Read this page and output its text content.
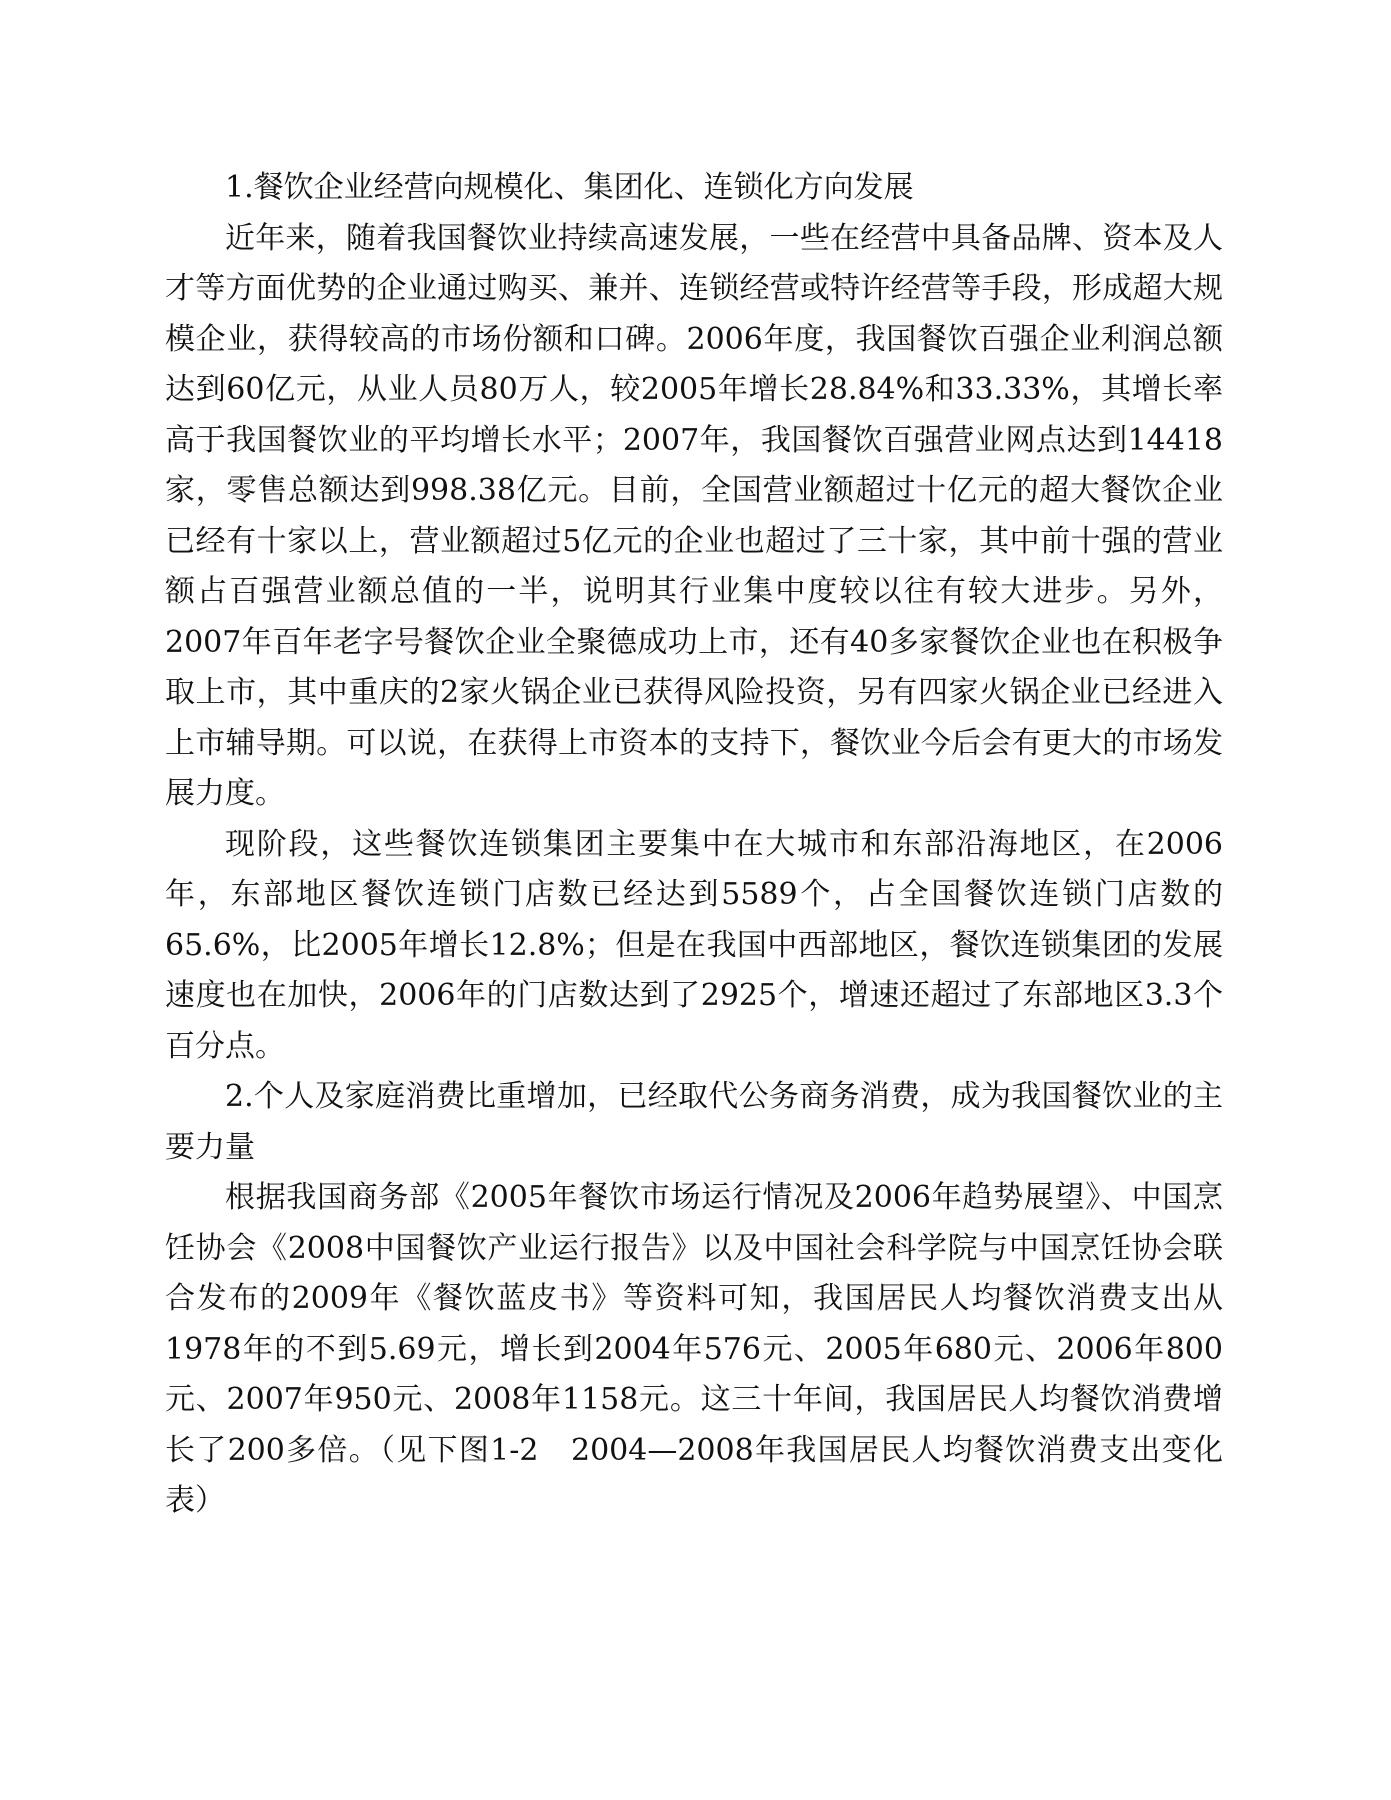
1.餐饮企业经营向规模化、集团化、连锁化方向发展

近年来，随着我国餐饮业持续高速发展，一些在经营中具备品牌、资本及人才等方面优势的企业通过购买、兼并、连锁经营或特许经营等手段，形成超大规模企业，获得较高的市场份额和口碑。2006年度，我国餐饮百强企业利润总额达到60亿元，从业人员80万人，较2005年增长28.84%和33.33%，其增长率高于我国餐饮业的平均增长水平；2007年，我国餐饮百强营业网点达到14418家，零售总额达到998.38亿元。目前，全国营业额超过十亿元的超大餐饮企业已经有十家以上，营业额超过5亿元的企业也超过了三十家，其中前十强的营业额占百强营业额总值的一半，说明其行业集中度较以往有较大进步。另外，2007年百年老字号餐饮企业全聚德成功上市，还有40多家餐饮企业也在积极争取上市，其中重庆的2家火锅企业已获得风险投资，另有四家火锅企业已经进入上市辅导期。可以说，在获得上市资本的支持下，餐饮业今后会有更大的市场发展力度。

现阶段，这些餐饮连锁集团主要集中在大城市和东部沿海地区，在2006年，东部地区餐饮连锁门店数已经达到5589个，占全国餐饮连锁门店数的65.6%，比2005年增长12.8%；但是在我国中西部地区，餐饮连锁集团的发展速度也在加快，2006年的门店数达到了2925个，增速还超过了东部地区3.3个百分点。

2.个人及家庭消费比重增加，已经取代公务商务消费，成为我国餐饮业的主要力量

根据我国商务部《2005年餐饮市场运行情况及2006年趋势展望》、中国烹饪协会《2008中国餐饮产业运行报告》以及中国社会科学院与中国烹饪协会联合发布的2009年《餐饮蓝皮书》等资料可知，我国居民人均餐饮消费支出从1978年的不到5.69元，增长到2004年576元、2005年680元、2006年800元、2007年950元、2008年1158元。这三十年间，我国居民人均餐饮消费增长了200多倍。（见下图1-2　2004—2008年我国居民人均餐饮消费支出变化表）
